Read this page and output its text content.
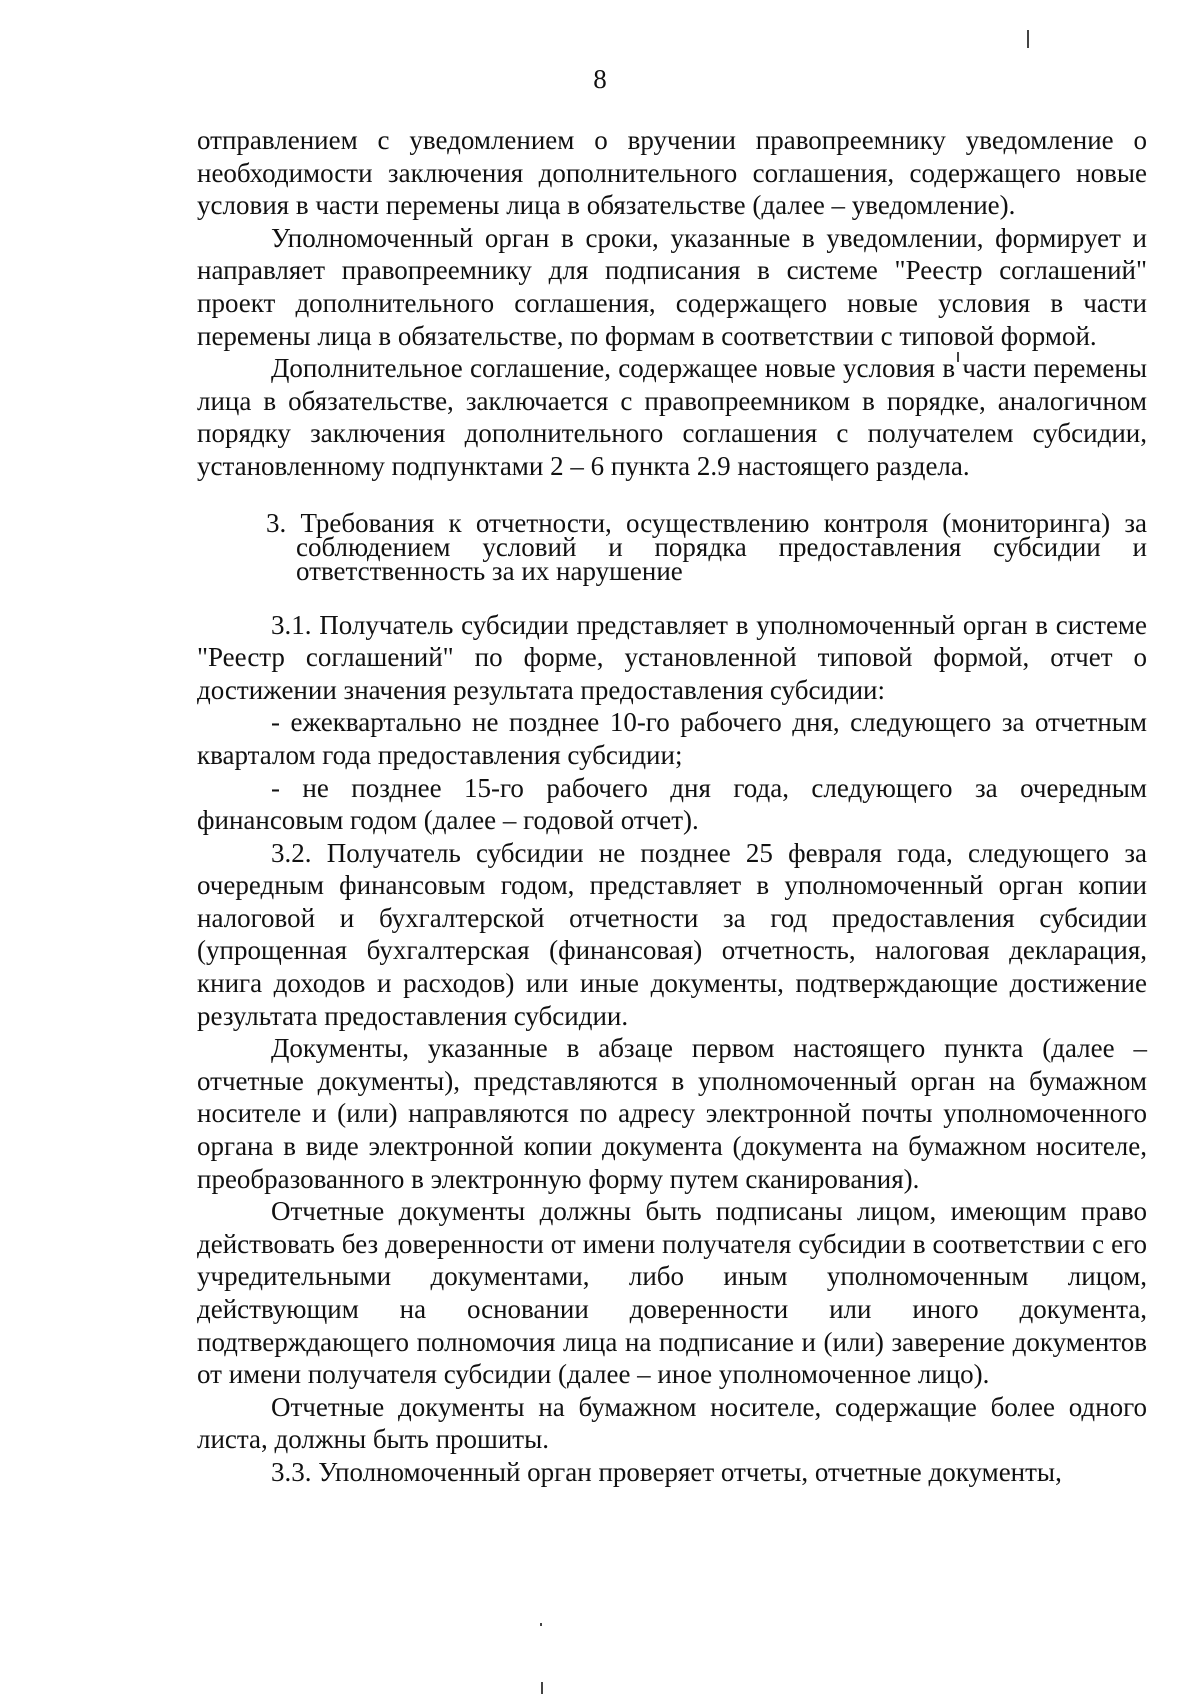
8

отправлением с уведомлением о вручении правопреемнику уведомление о необходимости заключения дополнительного соглашения, содержащего новые условия в части перемены лица в обязательстве (далее – уведомление).

Уполномоченный орган в сроки, указанные в уведомлении, формирует и направляет правопреемнику для подписания в системе "Реестр соглашений" проект дополнительного соглашения, содержащего новые условия в части перемены лица в обязательстве, по формам в соответствии с типовой формой.

Дополнительное соглашение, содержащее новые условия в части перемены лица в обязательстве, заключается с правопреемником в порядке, аналогичном порядку заключения дополнительного соглашения с получателем субсидии, установленному подпунктами 2 – 6 пункта 2.9 настоящего раздела.

3. Требования к отчетности, осуществлению контроля (мониторинга) за соблюдением условий и порядка предоставления субсидии и ответственность за их нарушение

3.1. Получатель субсидии представляет в уполномоченный орган в системе "Реестр соглашений" по форме, установленной типовой формой, отчет о достижении значения результата предоставления субсидии:

- ежеквартально не позднее 10-го рабочего дня, следующего за отчетным кварталом года предоставления субсидии;

- не позднее 15-го рабочего дня года, следующего за очередным финансовым годом (далее – годовой отчет).

3.2. Получатель субсидии не позднее 25 февраля года, следующего за очередным финансовым годом, представляет в уполномоченный орган копии налоговой и бухгалтерской отчетности за год предоставления субсидии (упрощенная бухгалтерская (финансовая) отчетность, налоговая декларация, книга доходов и расходов) или иные документы, подтверждающие достижение результата предоставления субсидии.

Документы, указанные в абзаце первом настоящего пункта (далее – отчетные документы), представляются в уполномоченный орган на бумажном носителе и (или) направляются по адресу электронной почты уполномоченного органа в виде электронной копии документа (документа на бумажном носителе, преобразованного в электронную форму путем сканирования).

Отчетные документы должны быть подписаны лицом, имеющим право действовать без доверенности от имени получателя субсидии в соответствии с его учредительными документами, либо иным уполномоченным лицом, действующим на основании доверенности или иного документа, подтверждающего полномочия лица на подписание и (или) заверение документов от имени получателя субсидии (далее – иное уполномоченное лицо).

Отчетные документы на бумажном носителе, содержащие более одного листа, должны быть прошиты.

3.3. Уполномоченный орган проверяет отчеты, отчетные документы,
